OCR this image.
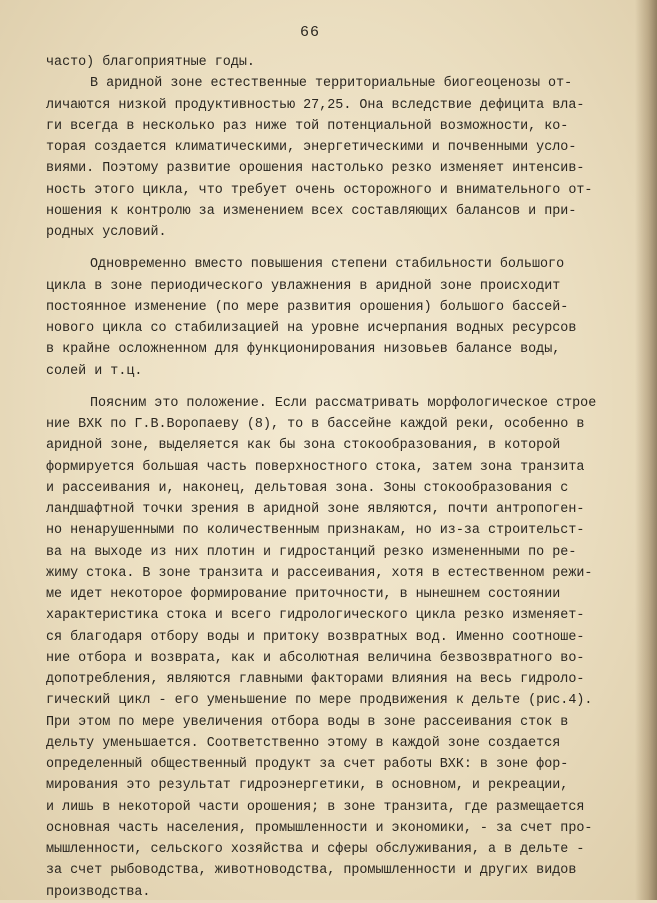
66
часто) благоприятные годы.
В аридной зоне естественные территориальные биогеоценозы от-
личаются низкой продуктивностью 27,25. Она вследствие дефицита вла-
ги всегда в несколько раз ниже той потенциальной возможности, ко-
торая создается климатическими, энергетическими и почвенными усло-
виями. Поэтому развитие орошения настолько резко изменяет интенсив-
ность этого цикла, что требует очень осторожного и внимательного от-
ношения к контролю за изменением всех составляющих балансов и при-
родных условий.
Одновременно вместо повышения степени стабильности большого
цикла в зоне периодического увлажнения в аридной зоне происходит
постоянное изменение (по мере развития орошения) большого бассей-
нового цикла со стабилизацией на уровне исчерпания водных ресурсов
в крайне осложненном для функционирования низовьев балансе воды,
солей и т.ц.
Поясним это положение. Если рассматривать морфологическое строе
ние ВХК по Г.В.Воропаеву (8), то в бассейне каждой реки, особенно в
аридной зоне, выделяется как бы зона стокообразования, в которой
формируется большая часть поверхностного стока, затем зона транзита
и рассеивания и, наконец, дельтовая зона. Зоны стокообразования с
ландшафтной точки зрения в аридной зоне являются, почти антропоген-
но ненарушенными по количественным признакам, но из-за строительст-
ва на выходе из них плотин и гидростанций резко измененными по ре-
жиму стока. В зоне транзита и рассеивания, хотя в естественном режи-
ме идет некоторое формирование приточности, в нынешнем состоянии
характеристика стока и всего гидрологического цикла резко изменяет-
ся благодаря отбору воды и притоку возвратных вод. Именно соотноше-
ние отбора и возврата, как и абсолютная величина безвозвратного во-
допотребления, являются главными факторами влияния на весь гидроло-
гический цикл - его уменьшение по мере продвижения к дельте (рис.4).
При этом по мере увеличения отбора воды в зоне рассеивания сток в
дельту уменьшается. Соответственно этому в каждой зоне создается
определенный общественный продукт за счет работы ВХК: в зоне фор-
мирования это результат гидроэнергетики, в основном, и рекреации,
и лишь в некоторой части орошения; в зоне транзита, где размещается
основная часть населения, промышленности и экономики, - за счет про-
мышленности, сельского хозяйства и сферы обслуживания, а в дельте -
за счет рыбоводства, животноводства, промышленности и других видов
производства.
